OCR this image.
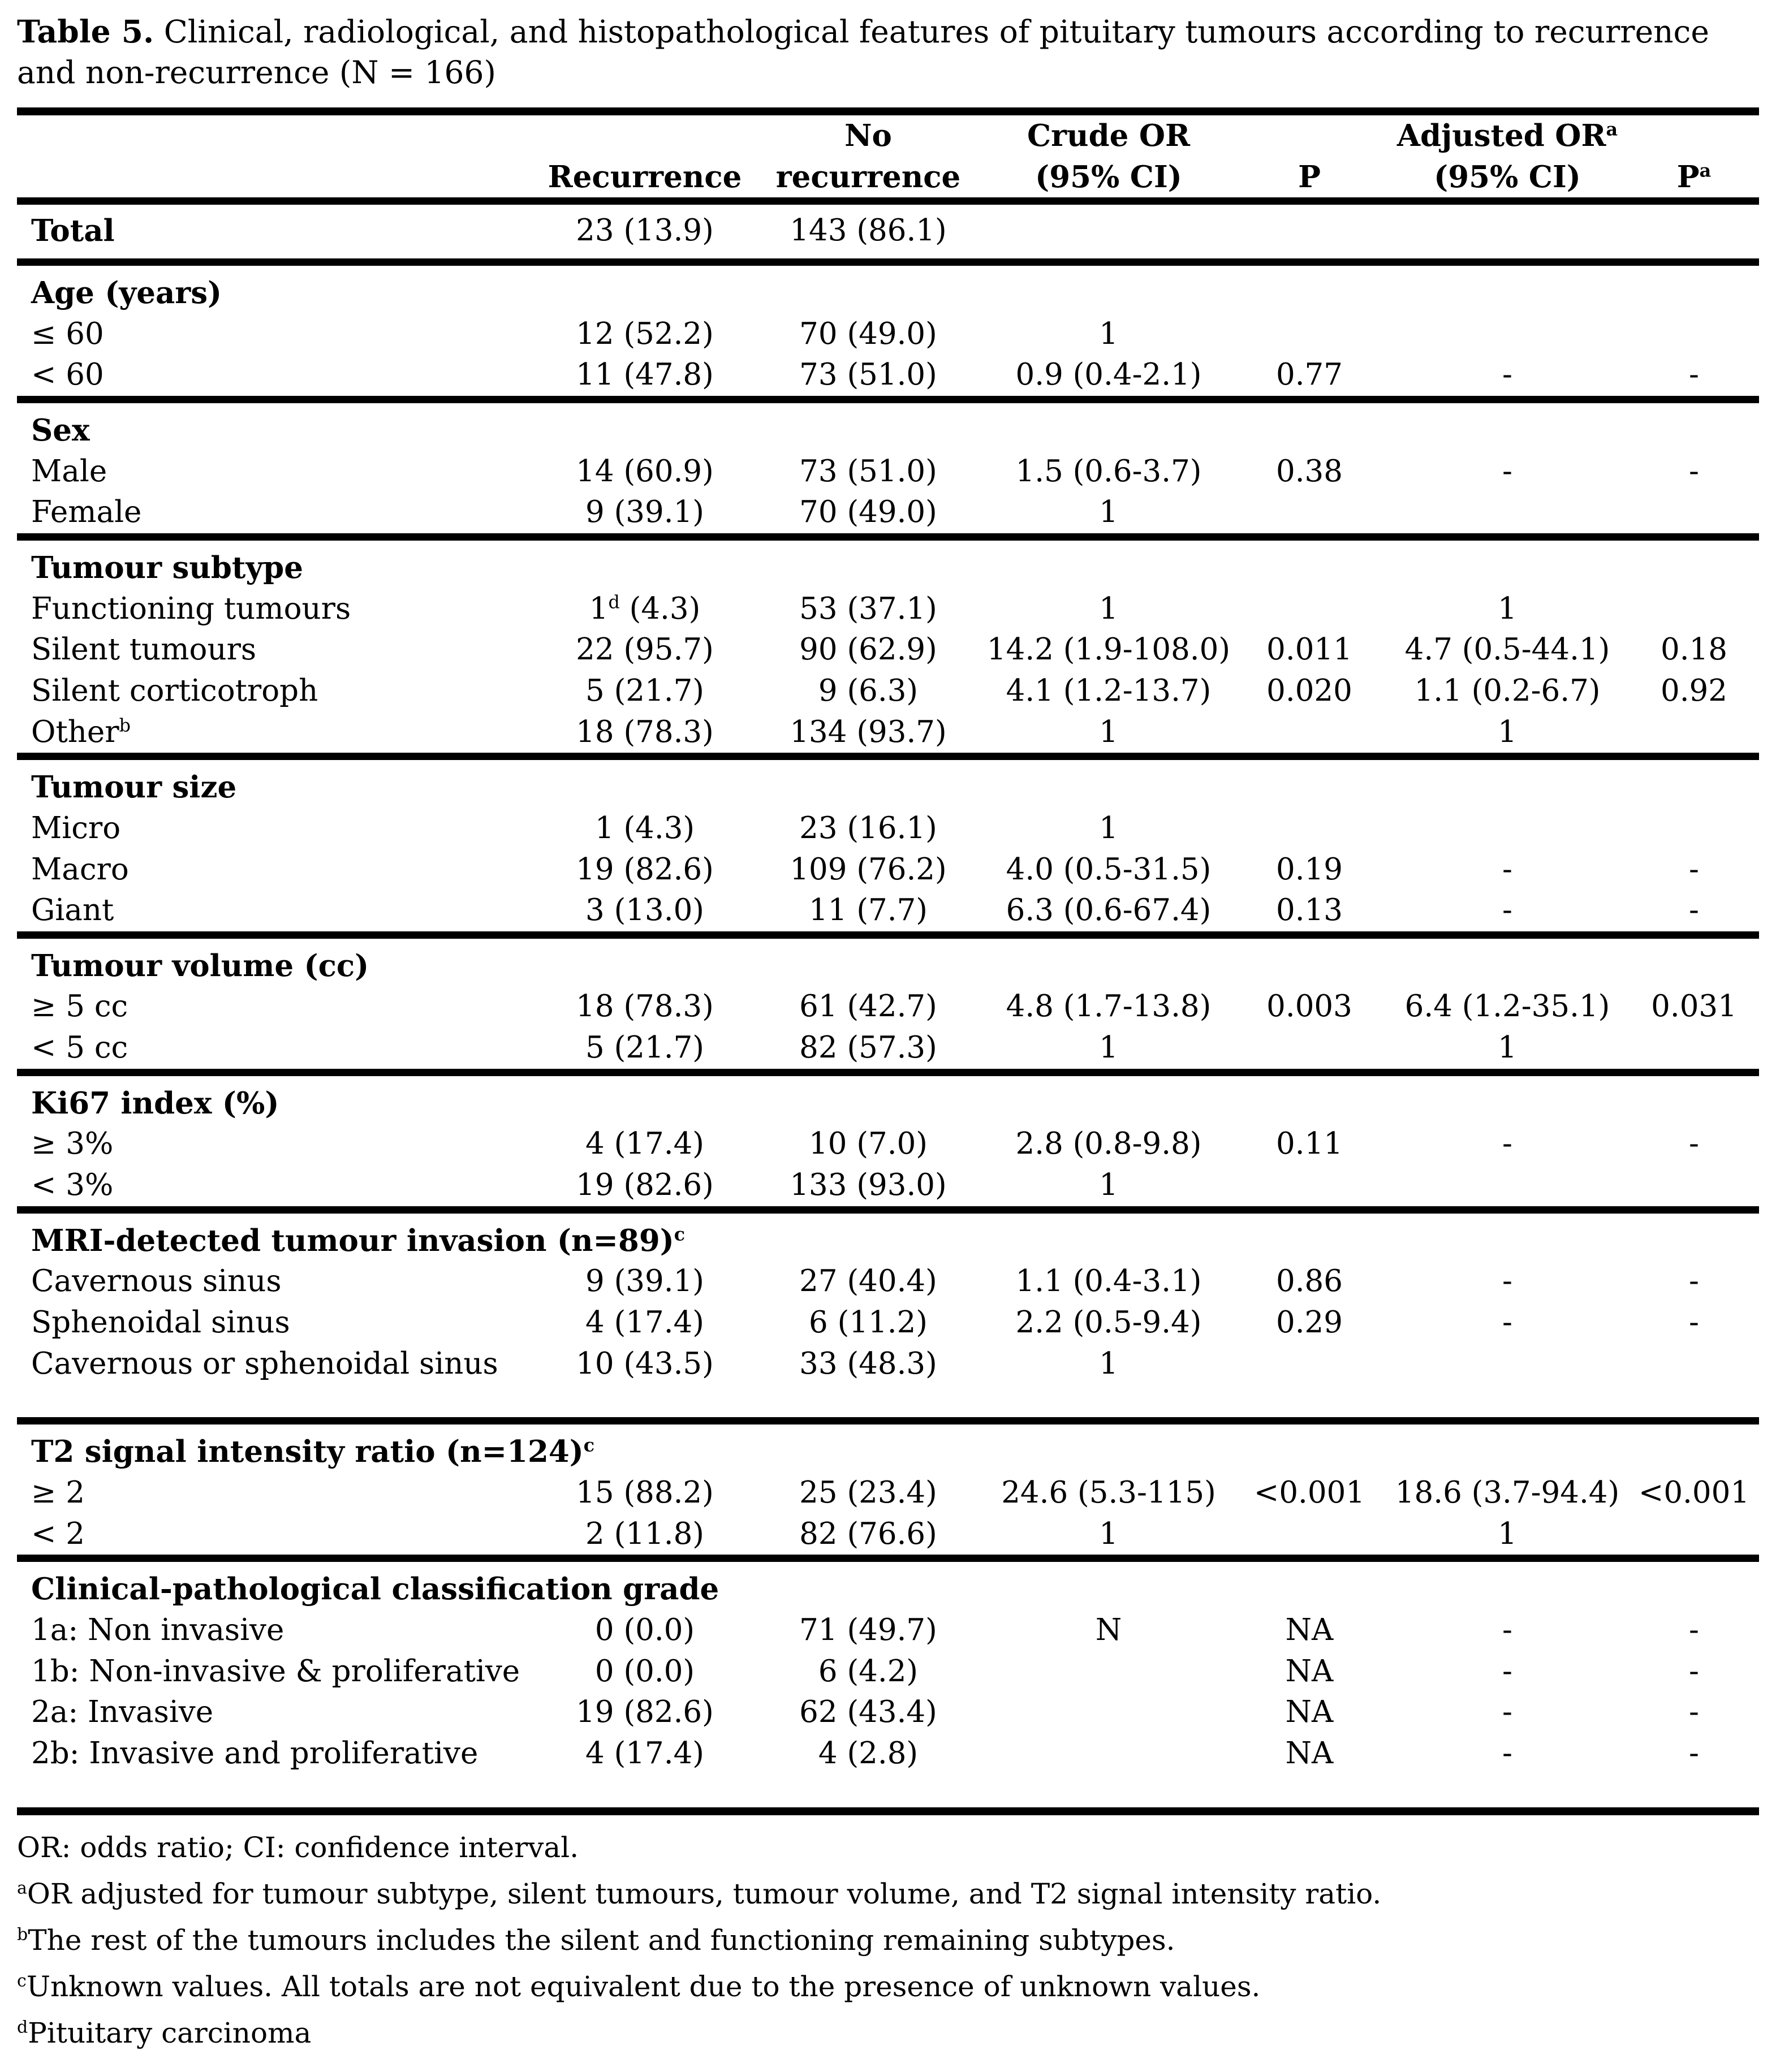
Table 5. Clinical, radiological, and histopathological features of pituitary tumours according to recurrence and non-recurrence (N = 166)

		No	Crude OR		Adjusted $OR^a$	
	Recurrence	recurrence	(95% CI)	P	(95% CI)	$P^a$
Total	23 (13.9)	143 (86.1)				
Age (years)						
≤ 60	12 (52.2)	70 (49.0)	1			
< 60	11 (47.8)	73 (51.0)	0.9 (0.4-2.1)	0.77	-	-
Sex						
Male	14 (60.9)	73 (51.0)	1.5 (0.6-3.7)	0.38	-	-
Female	9 (39.1)	70 (49.0)	1			
Tumour subtype						
Functioning tumours	1$^d$ (4.3)	53 (37.1)	1		1	
Silent tumours	22 (95.7)	90 (62.9)	14.2 (1.9-108.0)	0.011	4.7 (0.5-44.1)	0.18
Silent corticotroph	5 (21.7)	9 (6.3)	4.1 (1.2-13.7)	0.020	1.1 (0.2-6.7)	0.92
Other$^b$	18 (78.3)	134 (93.7)	1		1	
Tumour size						
Micro	1 (4.3)	23 (16.1)	1			
Macro	19 (82.6)	109 (76.2)	4.0 (0.5-31.5)	0.19	-	-
Giant	3 (13.0)	11 (7.7)	6.3 (0.6-67.4)	0.13	-	-
Tumour volume (cc)						
≥ 5 cc	18 (78.3)	61 (42.7)	4.8 (1.7-13.8)	0.003	6.4 (1.2-35.1)	0.031
< 5 cc	5 (21.7)	82 (57.3)	1		1	
Ki67 index (%)						
≥ 3%	4 (17.4)	10 (7.0)	2.8 (0.8-9.8)	0.11	-	-
< 3%	19 (82.6)	133 (93.0)	1			
MRI-detected tumour invasion (n=89)$^c$
Cavernous sinus	9 (39.1)	27 (40.4)	1.1 (0.4-3.1)	0.86	-	-
Sphenoidal sinus	4 (17.4)	6 (11.2)	2.2 (0.5-9.4)	0.29	-	-
Cavernous or sphenoidal sinus	10 (43.5)	33 (48.3)	1			
T2 signal intensity ratio (n=124)$^c$
≥ 2	15 (88.2)	25 (23.4)	24.6 (5.3-115)	<0.001	18.6 (3.7-94.4)	<0.001
< 2	2 (11.8)	82 (76.6)	1		1	
Clinical-pathological classification grade						
1a: Non invasive	0 (0.0)	71 (49.7)	N	NA	-	-
1b: Non-invasive & proliferative	0 (0.0)	6 (4.2)		NA	-	-
2a: Invasive	19 (82.6)	62 (43.4)		NA	-	-
2b: Invasive and proliferative	4 (17.4)	4 (2.8)		NA	-	-
OR: odds ratio; CI: confidence interval.
$^a$OR adjusted for tumour subtype, silent tumours, tumour volume, and T2 signal intensity ratio.
$^b$The rest of the tumours includes the silent and functioning remaining subtypes.
$^c$Unknown values. All totals are not equivalent due to the presence of unknown values.
$^d$Pituitary carcinoma
